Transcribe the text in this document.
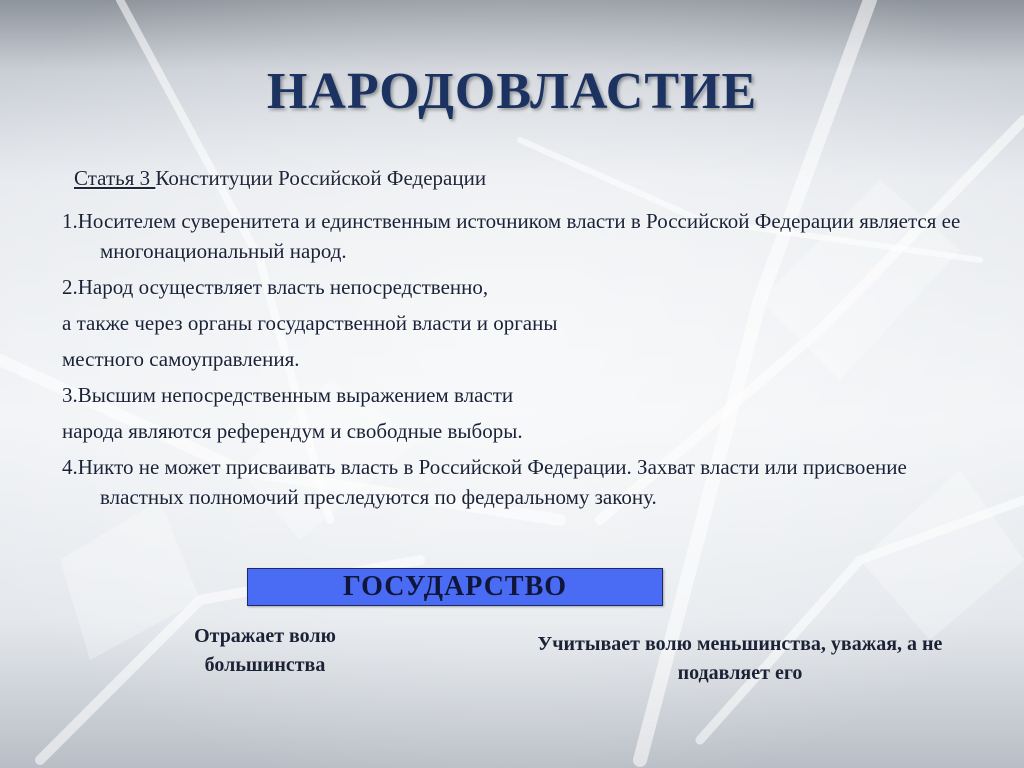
НАРОДОВЛАСТИЕ
Статья 3 Конституции Российской Федерации

1.Носителем суверенитета и единственным источником власти в Российской Федерации является ее многонациональный народ.

2.Народ осуществляет власть непосредственно,

а также через органы государственной власти и органы

местного самоуправления.

3.Высшим непосредственным выражением власти

народа являются референдум и свободные выборы.

4.Никто не может присваивать власть в Российской Федерации. Захват власти или присвоение властных полномочий преследуются по федеральному закону.

ГОСУДАРСТВО
Отражает волю большинства
Учитывает волю меньшинства, уважая, а не подавляет его
